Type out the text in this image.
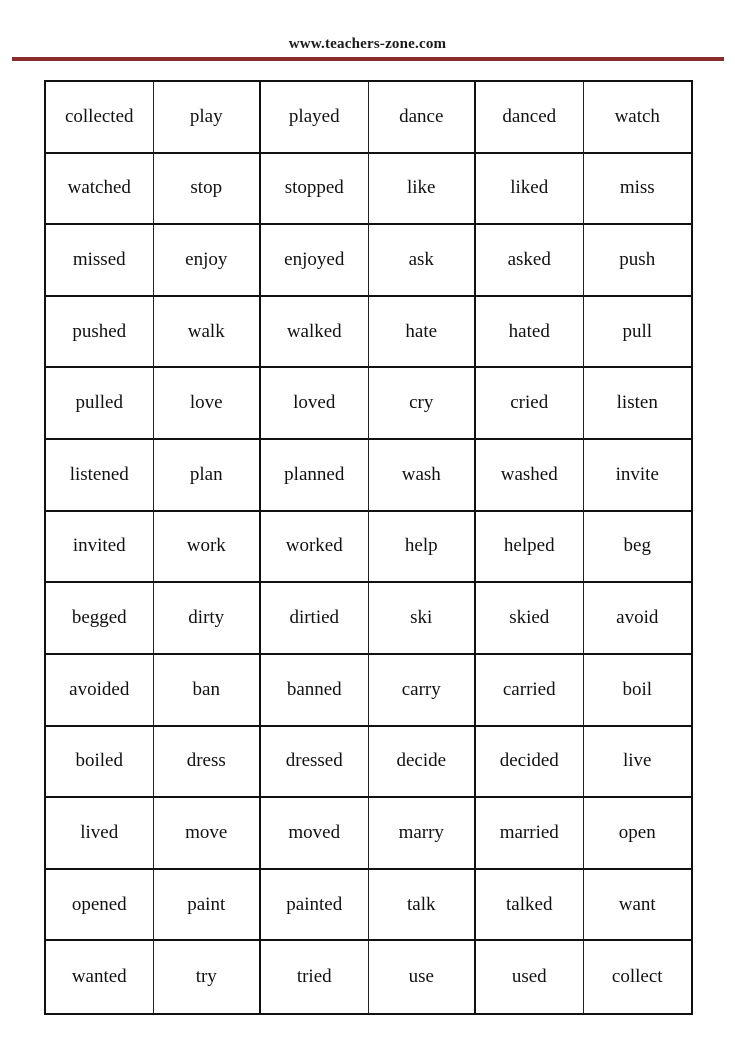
www.teachers-zone.com
collected	play	played	dance	danced	watch
watched	stop	stopped	like	liked	miss
missed	enjoy	enjoyed	ask	asked	push
pushed	walk	walked	hate	hated	pull
pulled	love	loved	cry	cried	listen
listened	plan	planned	wash	washed	invite
invited	work	worked	help	helped	beg
begged	dirty	dirtied	ski	skied	avoid
avoided	ban	banned	carry	carried	boil
boiled	dress	dressed	decide	decided	live
lived	move	moved	marry	married	open
opened	paint	painted	talk	talked	want
wanted	try	tried	use	used	collect
